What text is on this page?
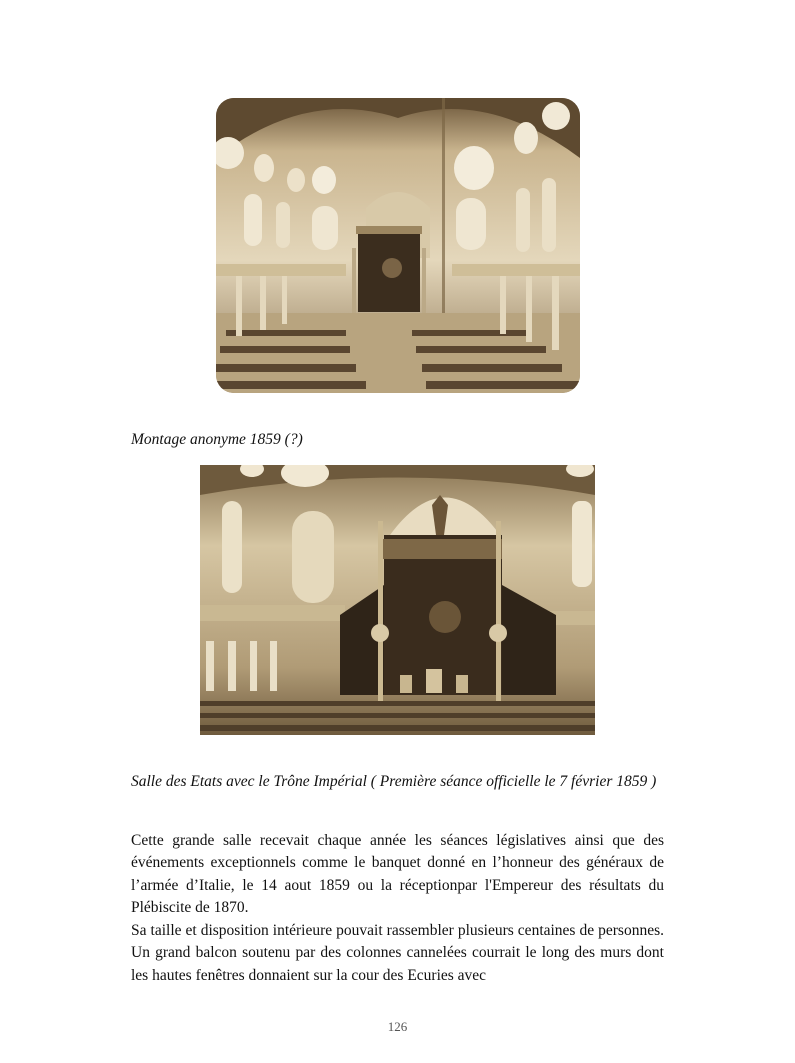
Montage anonyme 1859 (?)
Salle des Etats avec le Trône Impérial ( Première séance officielle le 7 février 1859 )

Cette grande salle recevait chaque année les séances législatives ainsi que des événements exceptionnels comme le banquet donné en l’honneur des généraux de l’armée d’Italie, le 14 aout 1859 ou la réceptionpar l'Empereur des résultats du Plébiscite de 1870.

Sa taille et disposition intérieure pouvait rassembler plusieurs centaines de personnes. Un grand balcon soutenu par des colonnes cannelées courrait le long des murs dont les hautes fenêtres donnaient sur la cour des Ecuries avec

126
